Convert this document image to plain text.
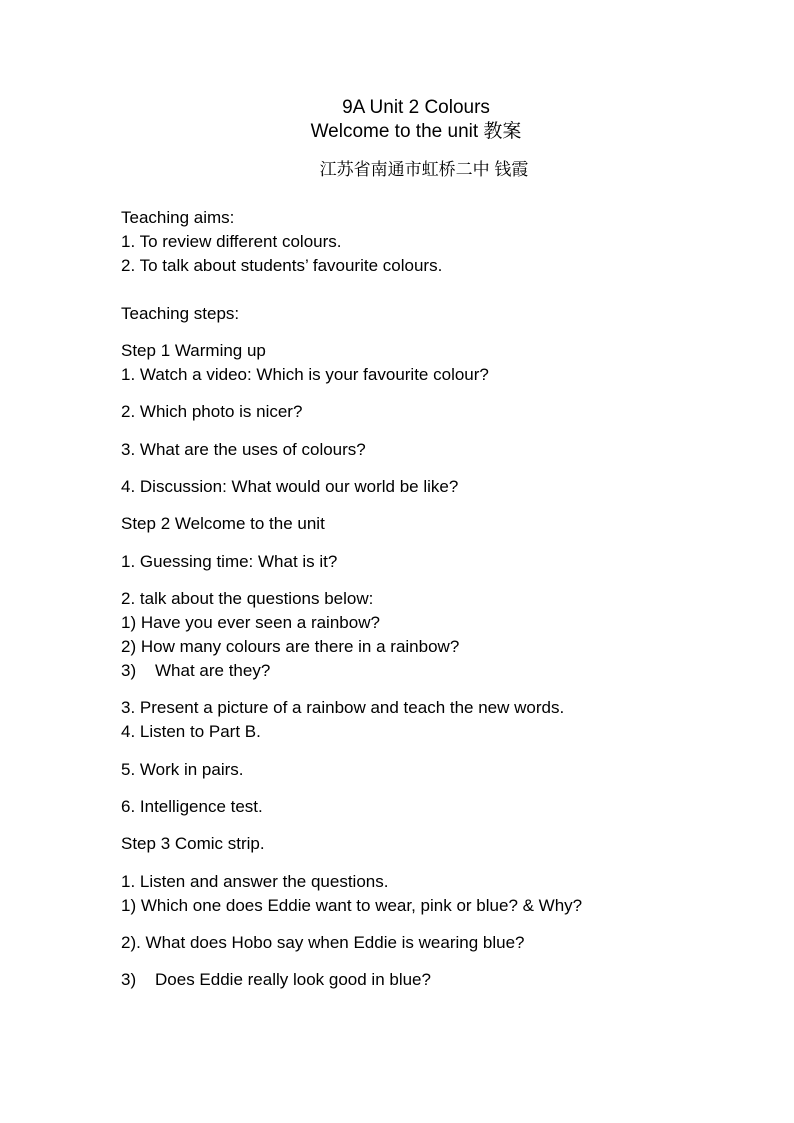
9A Unit 2 Colours
Welcome to the unit 教案
江苏省南通市虹桥二中 钱霞
Teaching aims:
1. To review different colours.
2. To talk about students’ favourite colours.
Teaching steps:
Step 1 Warming up
1. Watch a video: Which is your favourite colour?
2. Which photo is nicer?
3. What are the uses of colours?
4. Discussion: What would our world be like?
Step 2 Welcome to the unit
1. Guessing time: What is it?
2. talk about the questions below:
1) Have you ever seen a rainbow?
2) How many colours are there in a rainbow?
3)    What are they?
3. Present a picture of a rainbow and teach the new words.
4. Listen to Part B.
5. Work in pairs.
6. Intelligence test.
Step 3 Comic strip.
1. Listen and answer the questions.
1) Which one does Eddie want to wear, pink or blue? & Why?
2). What does Hobo say when Eddie is wearing blue?
3)    Does Eddie really look good in blue?
